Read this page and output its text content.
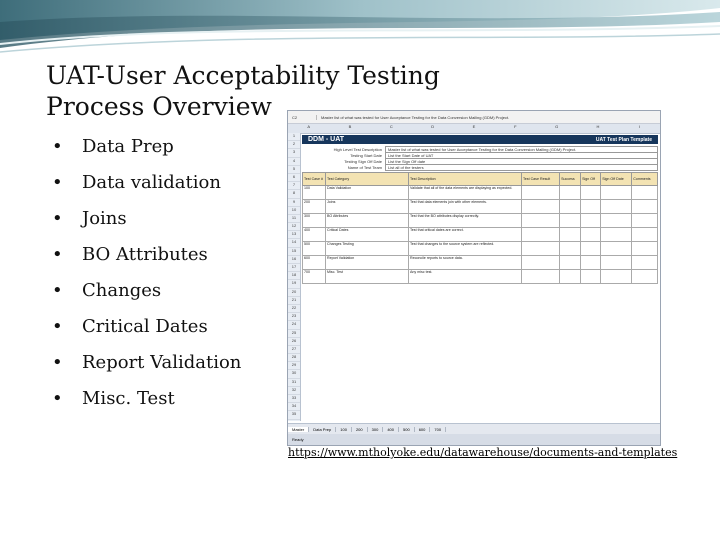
UAT-User Acceptability Testing
Process Overview
•	Data Prep
•	Data validation
•	Joins
•	BO Attributes
•	Changes
•	Critical Dates
•	Report Validation
•	Misc. Test
C2	Master list of what was tested for User Acceptance Testing for the Data Conversion Mailing (GDM) Project.
A	B	C	D	E	F	G	H	I
1
2
3
4
5
6
7
8
9
10
11
12
13
14
15
16
17
18
19
20
21
22
23
24
25
26
27
28
29
30
31
32
33
34
35
DDM - UAT	UAT Test Plan Template
High Level Test Description	Master list of what was tested for User Acceptance Testing for the Data Conversion Mailing (GDM) Project.
Testing Start Date	List the Start Date of UAT
Testing Sign Off Date	List the Sign Off date
Name of Test Team	List all of the testers
Test Case #	Test Category	Test Description	Test Case Result	Success	Sign Off	Sign Off Date	Comments
100	Data Validation	Validate that all of the data elements are displaying as expected.					
200	Joins	Test that data elements join with other elements.					
300	BO Attributes	Test that the BO attributes display correctly.					
400	Critical Dates	Test that critical dates are correct.					
500	Changes Testing	Test that changes to the source system are reflected.					
600	Report Validation	Reconcile reports to source data.					
700	Misc. Test	Any misc test.					
Master	Data Prep	100	200	300	400	500	600	700
Ready
https://www.mtholyoke.edu/datawarehouse/documents-and-templates
